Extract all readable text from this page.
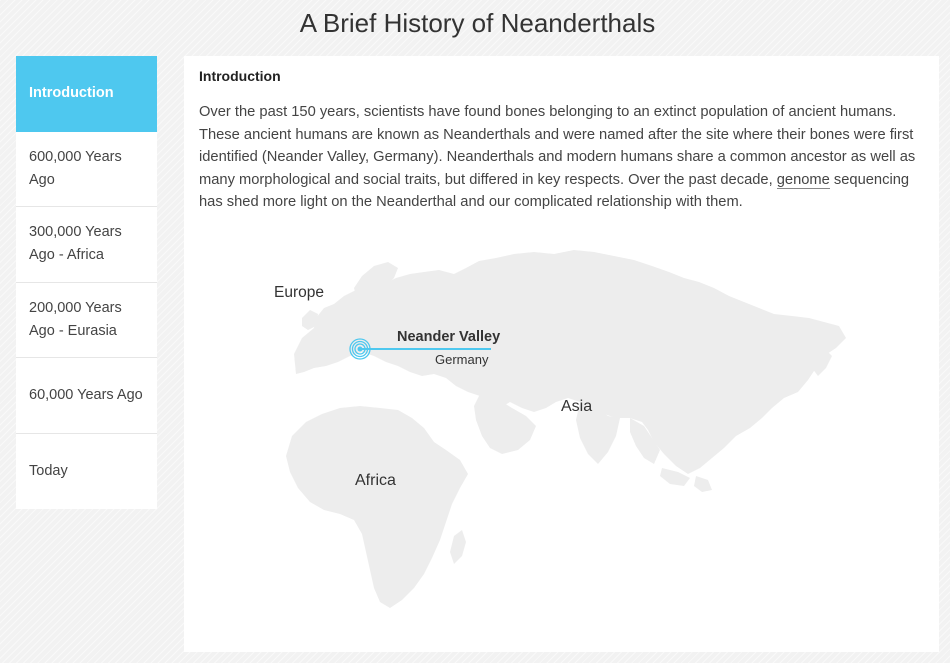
A Brief History of Neanderthals
Introduction
600,000 Years Ago
300,000 Years Ago - Africa
200,000 Years Ago - Eurasia
60,000 Years Ago
Today
Introduction

Over the past 150 years, scientists have found bones belonging to an extinct population of ancient humans. These ancient humans are known as Neanderthals and were named after the site where their bones were first identified (Neander Valley, Germany). Neanderthals and modern humans share a common ancestor as well as many morphological and social traits, but differed in key respects. Over the past decade, genome sequencing has shed more light on the Neanderthal and our complicated relationship with them.

Europe
Asia
Africa
Neander Valley
Germany
